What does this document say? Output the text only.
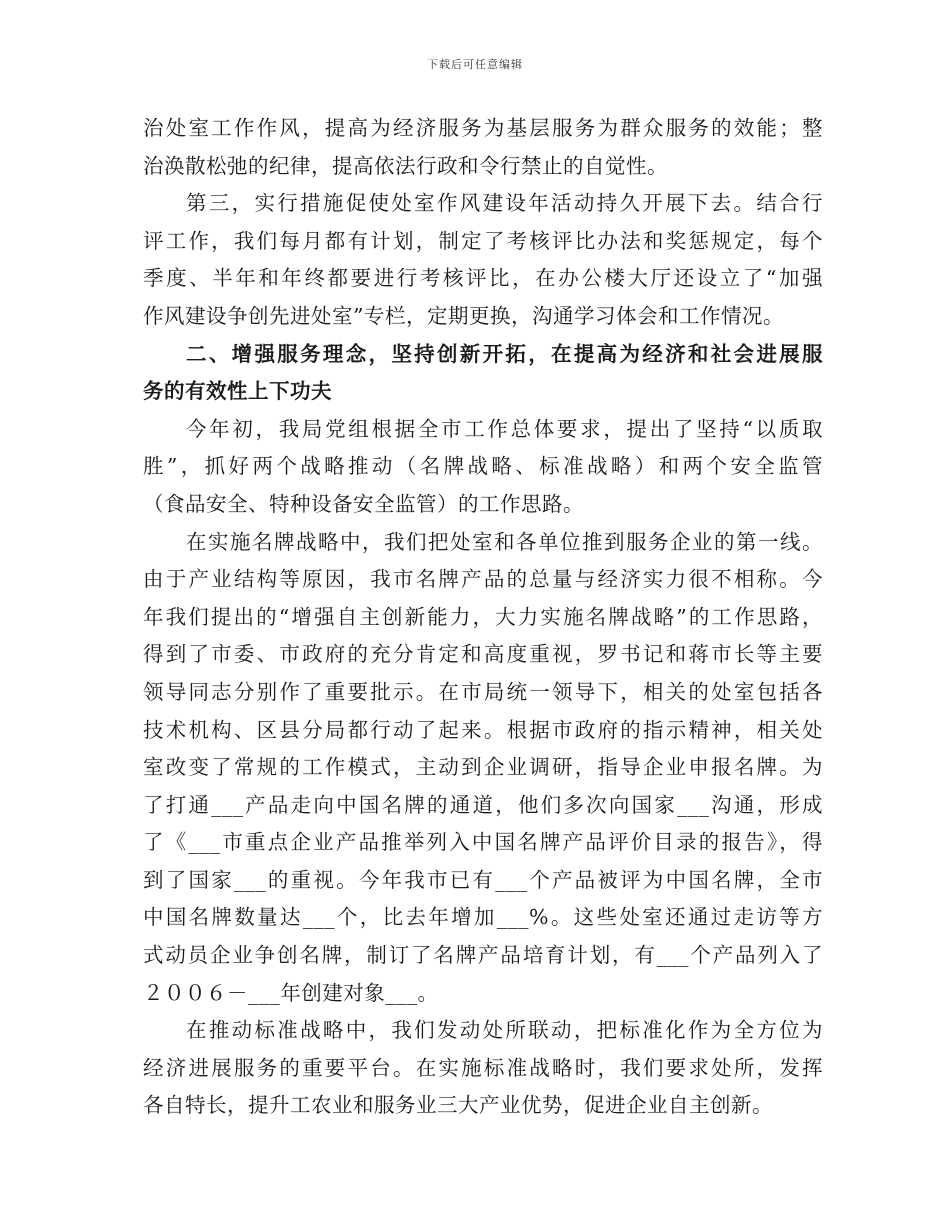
下载后可任意编辑
治处室工作作风，提高为经济服务为基层服务为群众服务的效能；整
治涣散松弛的纪律，提高依法行政和令行禁止的自觉性。
第三，实行措施促使处室作风建设年活动持久开展下去。结合行
评工作，我们每月都有计划，制定了考核评比办法和奖惩规定，每个
季度、半年和年终都要进行考核评比，在办公楼大厅还设立了“加强
作风建设争创先进处室”专栏，定期更换，沟通学习体会和工作情况。
二、增强服务理念，坚持创新开拓，在提高为经济和社会进展服
务的有效性上下功夫
今年初，我局党组根据全市工作总体要求，提出了坚持“以质取
胜”，抓好两个战略推动（名牌战略、标准战略）和两个安全监管
（食品安全、特种设备安全监管）的工作思路。
在实施名牌战略中，我们把处室和各单位推到服务企业的第一线。
由于产业结构等原因，我市名牌产品的总量与经济实力很不相称。今
年我们提出的“增强自主创新能力，大力实施名牌战略”的工作思路，
得到了市委、市政府的充分肯定和高度重视，罗书记和蒋市长等主要
领导同志分别作了重要批示。在市局统一领导下，相关的处室包括各
技术机构、区县分局都行动了起来。根据市政府的指示精神，相关处
室改变了常规的工作模式，主动到企业调研，指导企业申报名牌。为
了打通___产品走向中国名牌的通道，他们多次向国家___沟通，形成
了《___市重点企业产品推举列入中国名牌产品评价目录的报告》，得
到了国家___的重视。今年我市已有___个产品被评为中国名牌，全市
中国名牌数量达___个，比去年增加___%。这些处室还通过走访等方
式动员企业争创名牌，制订了名牌产品培育计划，有___个产品列入了
２００６－___年创建对象___。
在推动标准战略中，我们发动处所联动，把标准化作为全方位为
经济进展服务的重要平台。在实施标准战略时，我们要求处所，发挥
各自特长，提升工农业和服务业三大产业优势，促进企业自主创新。
